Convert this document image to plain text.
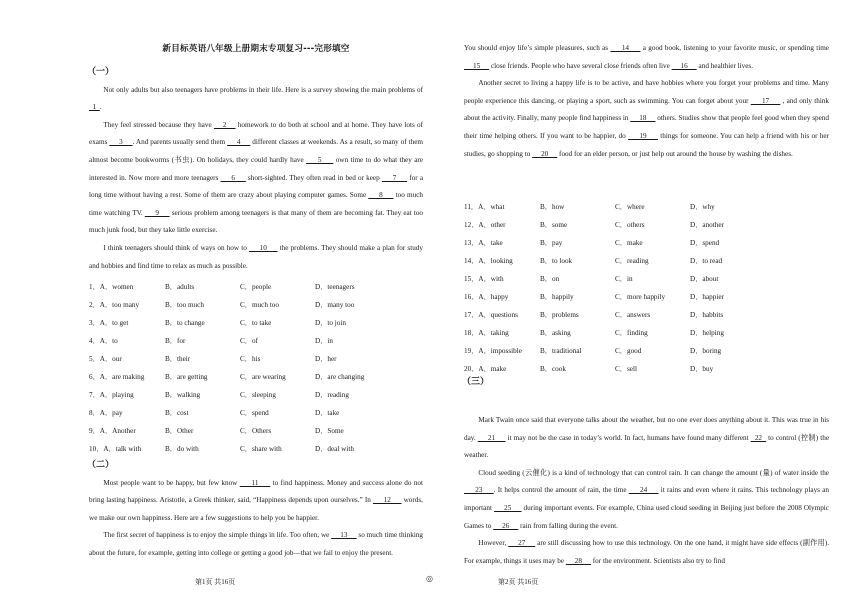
新目标英语八年级上册期末专项复习---完形填空
（一）

Not only adults but also teenagers have problems in their life. Here is a survey showing the main problems of   1  .

They feel stressed because they have     2     homework to do both at school and at home. They have lots of exams      3     . And parents usually send them      4      different classes at weekends. As a result, so many of them almost become bookworms (书虫). On holidays, they could hardly have      5      own time to do what they are interested in. Now more and more teenagers      6      short-sighted. They often read in bed or keep      7      for a long time without having a rest. Some of them are crazy about playing computer games. Some      8      too much time watching TV.      9      serious problem among teenagers is that many of them are becoming fat. They eat too much junk food, but they take little exercise.

I think teenagers should think of ways on how to      10      the problems. They should make a plan for study and hobbies and find time to relax as much as possible.

1．A．women	B．adults	C．people	D．teenagers
2．A．too many	B．too much	C．much too	D．many too
3．A．to get	B．to change	C．to take	D．to join
4．A．to	B．for	C．of	D．in
5．A．our	B．their	C．his	D．her
6．A．are making	B．are getting	C．are wearing	D．are changing
7．A．playing	B．walking	C．sleeping	D．reading
8．A．pay	B．cost	C．spend	D．take
9．A．Another	B．Other	C．Others	D．Some
10．A．talk with	B．do with	C．share with	D．deal with
（二）

Most people want to be happy, but few know      11      to find happiness. Money and success alone do not bring lasting happiness. Aristotle, a Greek thinker, said, “Happiness depends upon ourselves.” In      12      words, we make our own happiness. Here are a few suggestions to help you be happier.

The first secret of happiness is to enjoy the simple things in life. Too often, we      13      so much time thinking about the future, for example, getting into college or getting a good job—that we fail to enjoy the present.

第1页 共16页	◎

You should enjoy life’s simple pleasures, such as      14      a good book, listening to your favorite music, or spending time      15      close friends. People who have several close friends often live      16      and healthier lives.

Another secret to living a happy life is to be active, and have hobbies where you forget your problems and time. Many people experience this dancing, or playing a sport, such as swimming. You can forget about your      17      , and only think about the activity. Finally, many people find happiness in      18      others. Studies show that people feel good when they spend their time helping others. If you want to be happier, do      19      things for someone. You can help a friend with his or her studies, go shopping to      20      food for an elder person, or just help out around the house by washing the dishes.

11．A．what	B．how	C．where	D．why
12．A．other	B．some	C．others	D．another
13．A．take	B．pay	C．make	D．spend
14．A．looking	B．to look	C．reading	D．to read
15．A．with	B．on	C．in	D．about
16．A．happy	B．happily	C．more happily	D．happier
17．A．questions	B．problems	C．answers	D．habbits
18．A．taking	B．asking	C．finding	D．helping
19．A．impossible	B．traditional	C．good	D．boring
20．A．make	B．cook	C．sell	D．buy
（三）

Mark Twain once said that everyone talks about the weather, but no one ever does anything about it. This was true in his day.      21      it may not be the case in today’s world. In fact, humans have found many different   22   to control (控制) the weather.

Cloud seeding (云催化) is a kind of technology that can control rain. It can change the amount (量) of water inside the      23     . It helps control the amount of rain, the time      24      it rains and even where it rains. This technology plays an important      25      during important events. For example, China used cloud seeding in Beijing just before the 2008 Olympic Games to      26      rain from falling during the event.

However,      27      are still discussing how to use this technology. On the one hand, it might have side effects (副作用). For example, things it uses may be      28      for the environment. Scientists also try to find

第2页 共16页
